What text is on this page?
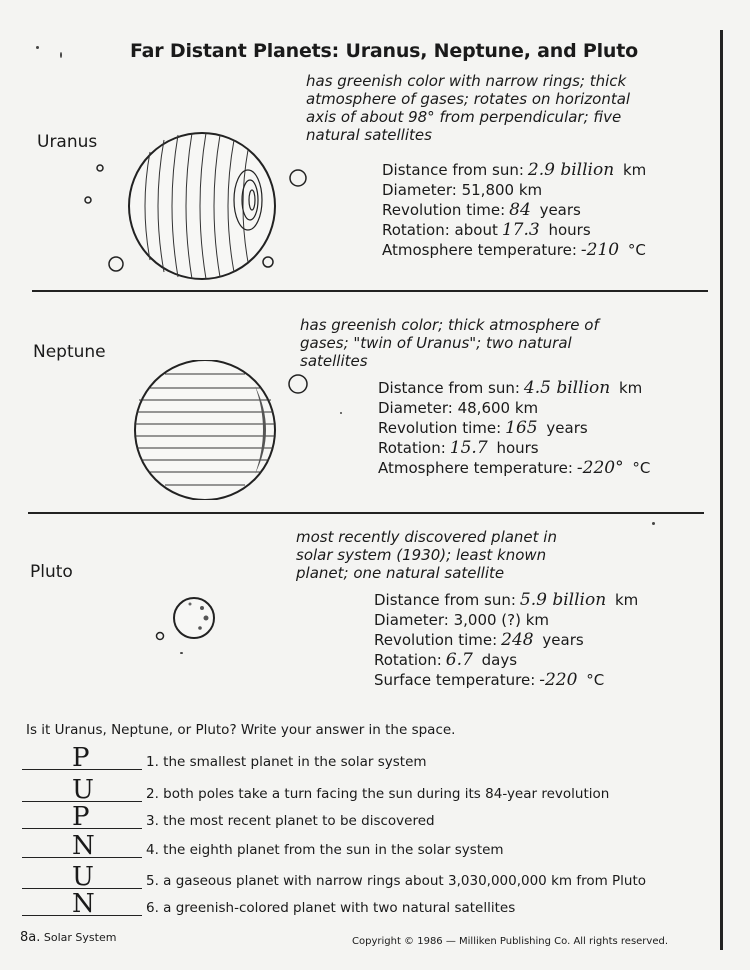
Far Distant Planets: Uranus, Neptune, and Pluto
Uranus
has greenish color with narrow rings; thick atmosphere of gases; rotates on horizontal axis of about 98° from perpendicular; five natural satellites
Distance from sun: 2.9 billion km
Diameter: 51,800 km
Revolution time: 84 years
Rotation: about 17.3 hours
Atmosphere temperature: -210 °C
Neptune
has greenish color; thick atmosphere of gases; "twin of Uranus"; two natural satellites
Distance from sun: 4.5 billion km
Diameter: 48,600 km
Revolution time: 165 years
Rotation: 15.7 hours
Atmosphere temperature: -220° °C
Pluto
most recently discovered planet in solar system (1930); least known planet; one natural satellite
Distance from sun: 5.9 billion km
Diameter: 3,000 (?) km
Revolution time: 248 years
Rotation: 6.7 days
Surface temperature: -220 °C
Is it Uranus, Neptune, or Pluto? Write your answer in the space.
P	1. the smallest planet in the solar system
U	2. both poles take a turn facing the sun during its 84-year revolution
P	3. the most recent planet to be discovered
N	4. the eighth planet from the sun in the solar system
U	5. a gaseous planet with narrow rings about 3,030,000,000 km from Pluto
N	6. a greenish-colored planet with two natural satellites
8a. Solar System	Copyright © 1986 — Milliken Publishing Co. All rights reserved.
